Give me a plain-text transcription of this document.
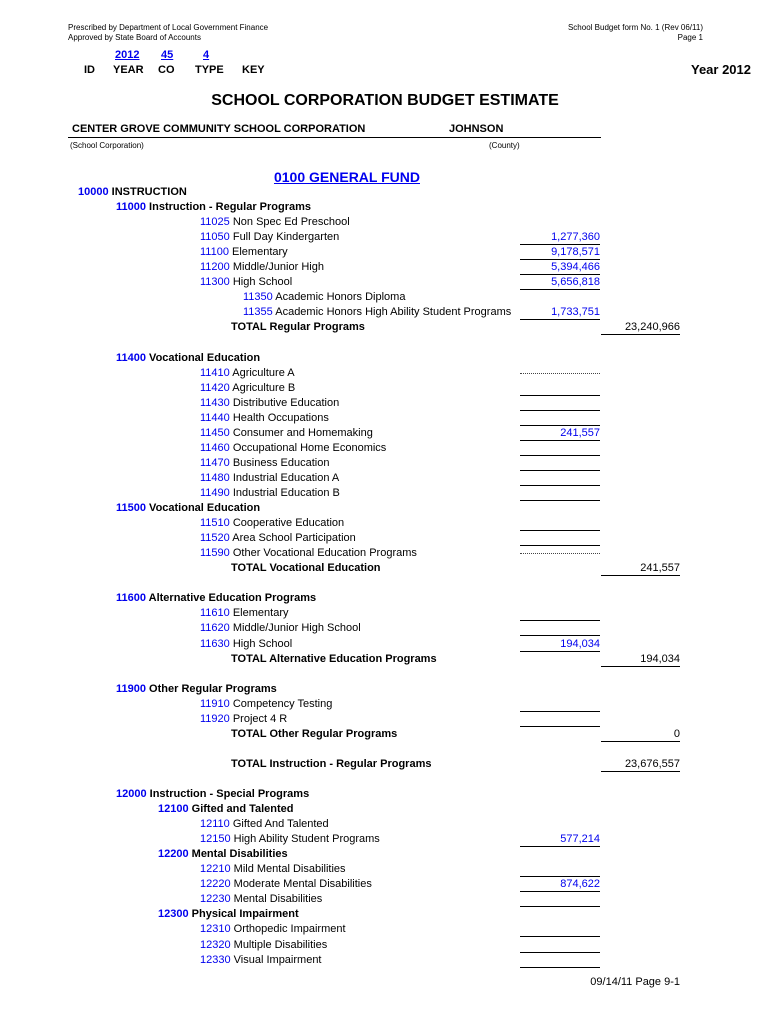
Prescribed by Department of Local Government Finance
Approved by State Board of Accounts
School Budget form No. 1 (Rev 06/11)
Page 1
2012 45	4
ID YEAR CO TYPE KEY	Year 2012
SCHOOL CORPORATION BUDGET ESTIMATE
CENTER GROVE COMMUNITY SCHOOL CORPORATION	JOHNSON
(School Corporation)	(County)
0100 GENERAL FUND
10000 INSTRUCTION
11000 Instruction - Regular Programs
11025 Non Spec Ed Preschool
11050 Full Day Kindergarten	1,277,360
11100 Elementary	9,178,571
11200 Middle/Junior High	5,394,466
11300 High School	5,656,818
11350 Academic Honors Diploma
11355 Academic Honors High Ability Student Programs	1,733,751
TOTAL Regular Programs	23,240,966
11400 Vocational Education
11410 Agriculture A
11420 Agriculture B
11430 Distributive Education
11440 Health Occupations
11450 Consumer and Homemaking	241,557
11460 Occupational Home Economics
11470 Business Education
11480 Industrial Education A
11490 Industrial Education B
11500 Vocational Education
11510 Cooperative Education
11520 Area School Participation
11590 Other Vocational Education Programs
TOTAL Vocational Education	241,557
11600 Alternative Education Programs
11610 Elementary
11620 Middle/Junior High School
11630 High School	194,034
TOTAL Alternative Education Programs	194,034
11900 Other Regular Programs
11910 Competency Testing
11920 Project 4 R
TOTAL Other Regular Programs	0
TOTAL Instruction - Regular Programs	23,676,557
12000 Instruction - Special Programs
12100 Gifted and Talented
12110 Gifted And Talented
12150 High Ability Student Programs	577,214
12200 Mental Disabilities
12210 Mild Mental Disabilities
12220 Moderate Mental Disabilities	874,622
12230 Mental Disabilities
12300 Physical Impairment
12310 Orthopedic Impairment
12320 Multiple Disabilities
12330 Visual Impairment
09/14/11 Page 9-1
